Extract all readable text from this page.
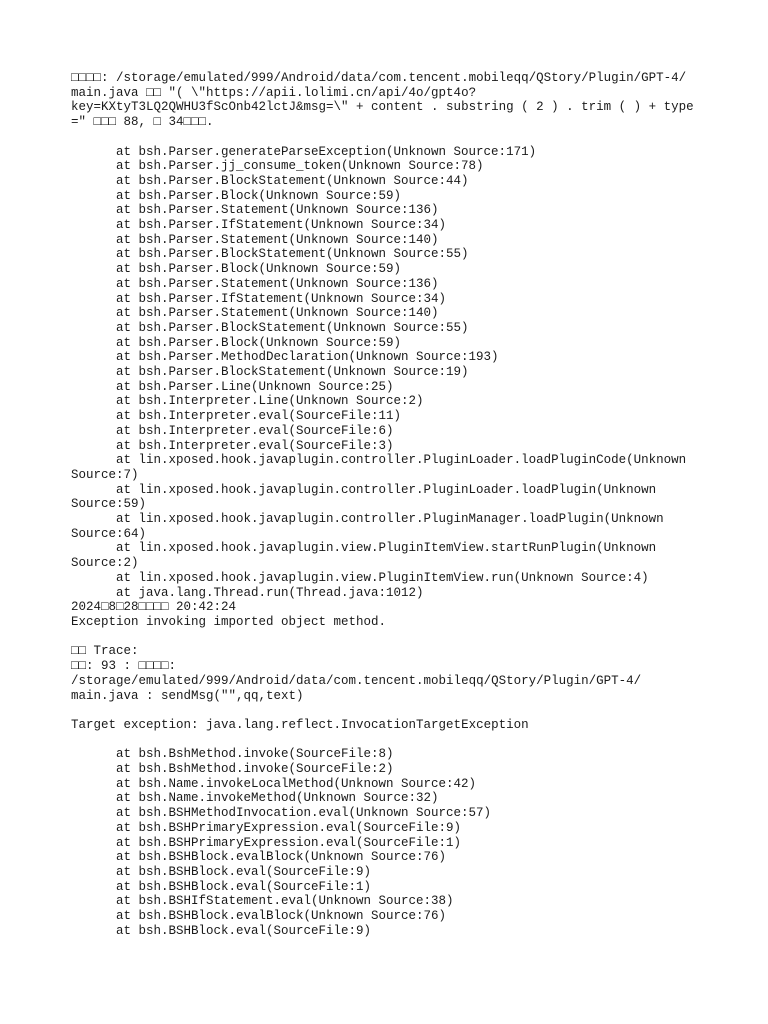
□□□□: /storage/emulated/999/Android/data/com.tencent.mobileqq/QStory/Plugin/GPT-4/

main.java □□ "( \"https://apii.lolimi.cn/api/4o/gpt4o?

key=KXtyT3LQ2QWHU3fScOnb42lctJ&msg=\" + content . substring ( 2 ) . trim ( ) + type

=" □□□ 88, □ 34□□□.

at bsh.Parser.generateParseException(Unknown Source:171)

at bsh.Parser.jj_consume_token(Unknown Source:78)

at bsh.Parser.BlockStatement(Unknown Source:44)

at bsh.Parser.Block(Unknown Source:59)

at bsh.Parser.Statement(Unknown Source:136)

at bsh.Parser.IfStatement(Unknown Source:34)

at bsh.Parser.Statement(Unknown Source:140)

at bsh.Parser.BlockStatement(Unknown Source:55)

at bsh.Parser.Block(Unknown Source:59)

at bsh.Parser.Statement(Unknown Source:136)

at bsh.Parser.IfStatement(Unknown Source:34)

at bsh.Parser.Statement(Unknown Source:140)

at bsh.Parser.BlockStatement(Unknown Source:55)

at bsh.Parser.Block(Unknown Source:59)

at bsh.Parser.MethodDeclaration(Unknown Source:193)

at bsh.Parser.BlockStatement(Unknown Source:19)

at bsh.Parser.Line(Unknown Source:25)

at bsh.Interpreter.Line(Unknown Source:2)

at bsh.Interpreter.eval(SourceFile:11)

at bsh.Interpreter.eval(SourceFile:6)

at bsh.Interpreter.eval(SourceFile:3)

at lin.xposed.hook.javaplugin.controller.PluginLoader.loadPluginCode(Unknown

Source:7)

at lin.xposed.hook.javaplugin.controller.PluginLoader.loadPlugin(Unknown

Source:59)

at lin.xposed.hook.javaplugin.controller.PluginManager.loadPlugin(Unknown

Source:64)

at lin.xposed.hook.javaplugin.view.PluginItemView.startRunPlugin(Unknown

Source:2)

at lin.xposed.hook.javaplugin.view.PluginItemView.run(Unknown Source:4)

at java.lang.Thread.run(Thread.java:1012)

2024□8□28□□□□ 20:42:24

Exception invoking imported object method.

□□ Trace:

□□: 93 : □□□□:

/storage/emulated/999/Android/data/com.tencent.mobileqq/QStory/Plugin/GPT-4/

main.java : sendMsg("",qq,text)

Target exception: java.lang.reflect.InvocationTargetException

at bsh.BshMethod.invoke(SourceFile:8)

at bsh.BshMethod.invoke(SourceFile:2)

at bsh.Name.invokeLocalMethod(Unknown Source:42)

at bsh.Name.invokeMethod(Unknown Source:32)

at bsh.BSHMethodInvocation.eval(Unknown Source:57)

at bsh.BSHPrimaryExpression.eval(SourceFile:9)

at bsh.BSHPrimaryExpression.eval(SourceFile:1)

at bsh.BSHBlock.evalBlock(Unknown Source:76)

at bsh.BSHBlock.eval(SourceFile:9)

at bsh.BSHBlock.eval(SourceFile:1)

at bsh.BSHIfStatement.eval(Unknown Source:38)

at bsh.BSHBlock.evalBlock(Unknown Source:76)

at bsh.BSHBlock.eval(SourceFile:9)
